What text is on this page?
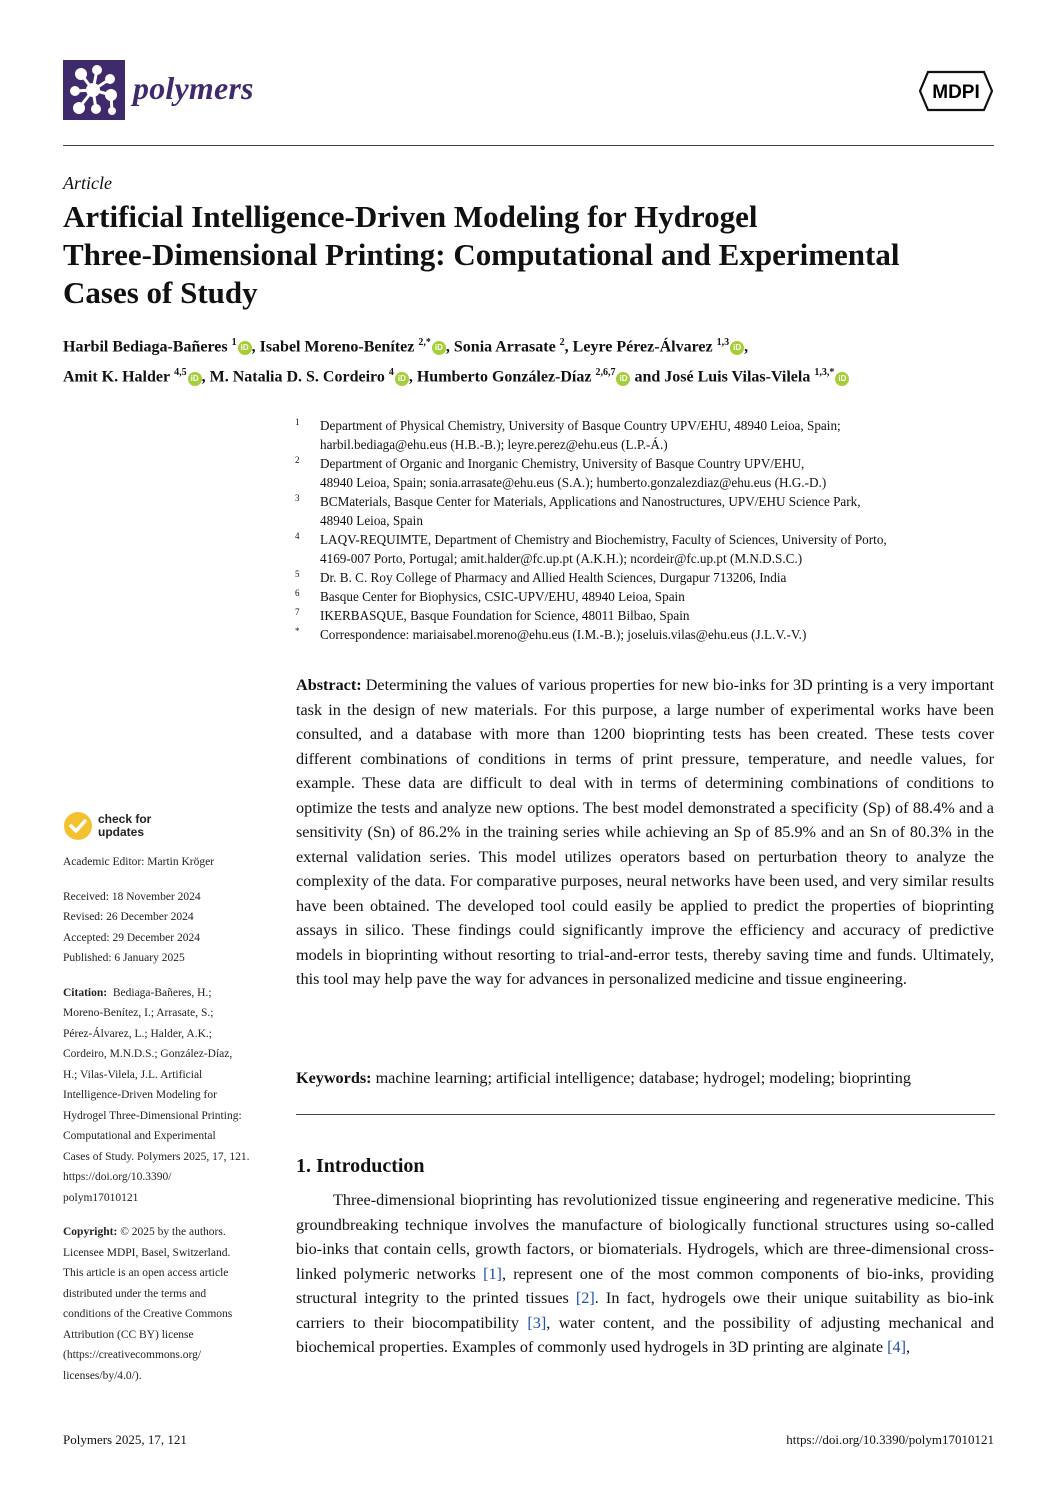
polymers	MDPI
Article
Artificial Intelligence-Driven Modeling for Hydrogel
Three-Dimensional Printing: Computational and Experimental
Cases of Study
Harbil Bediaga-Bañeres $^1$ iD , Isabel Moreno-Benítez $^{2,*}$ iD , Sonia Arrasate $^2$, Leyre Pérez-Álvarez $^{1,3}$ iD ,
Amit K. Halder $^{4,5}$ iD , M. Natalia D. S. Cordeiro $^4$ iD , Humberto González-Díaz $^{2,6,7}$ iD and José Luis Vilas-Vilela $^{1,3,*}$ iD
1 Department of Physical Chemistry, University of Basque Country UPV/EHU, 48940 Leioa, Spain;
harbil.bediaga@ehu.eus (H.B.-B.); leyre.perez@ehu.eus (L.P.-Á.)
2 Department of Organic and Inorganic Chemistry, University of Basque Country UPV/EHU,
48940 Leioa, Spain; sonia.arrasate@ehu.eus (S.A.); humberto.gonzalezdiaz@ehu.eus (H.G.-D.)
3 BCMaterials, Basque Center for Materials, Applications and Nanostructures, UPV/EHU Science Park,
48940 Leioa, Spain
4 LAQV-REQUIMTE, Department of Chemistry and Biochemistry, Faculty of Sciences, University of Porto,
4169-007 Porto, Portugal; amit.halder@fc.up.pt (A.K.H.); ncordeir@fc.up.pt (M.N.D.S.C.)
5 Dr. B. C. Roy College of Pharmacy and Allied Health Sciences, Durgapur 713206, India
6 Basque Center for Biophysics, CSIC-UPV/EHU, 48940 Leioa, Spain
7 IKERBASQUE, Basque Foundation for Science, 48011 Bilbao, Spain
* Correspondence: mariaisabel.moreno@ehu.eus (I.M.-B.); joseluis.vilas@ehu.eus (J.L.V.-V.)

Abstract: Determining the values of various properties for new bio-inks for 3D printing is a very important task in the design of new materials. For this purpose, a large number of experimental works have been consulted, and a database with more than 1200 bioprinting tests has been created. These tests cover different combinations of conditions in terms of print pressure, temperature, and needle values, for example. These data are difficult to deal with in terms of determining combinations of conditions to optimize the tests and analyze new options. The best model demonstrated a specificity (Sp) of 88.4% and a sensitivity (Sn) of 86.2% in the training series while achieving an Sp of 85.9% and an Sn of 80.3% in the external validation series. This model utilizes operators based on perturbation theory to analyze the complexity of the data. For comparative purposes, neural networks have been used, and very similar results have been obtained. The developed tool could easily be applied to predict the properties of bioprinting assays in silico. These findings could significantly improve the efficiency and accuracy of predictive models in bioprinting without resorting to trial-and-error tests, thereby saving time and funds. Ultimately, this tool may help pave the way for advances in personalized medicine and tissue engineering.

Keywords: machine learning; artificial intelligence; database; hydrogel; modeling; bioprinting
1. Introduction

Three-dimensional bioprinting has revolutionized tissue engineering and regenerative medicine. This groundbreaking technique involves the manufacture of biologically functional structures using so-called bio-inks that contain cells, growth factors, or biomaterials. Hydrogels, which are three-dimensional cross-linked polymeric networks [1], represent one of the most common components of bio-inks, providing structural integrity to the printed tissues [2]. In fact, hydrogels owe their unique suitability as bio-ink carriers to their biocompatibility [3], water content, and the possibility of adjusting mechanical and biochemical properties. Examples of commonly used hydrogels in 3D printing are alginate [4],

check for
updates

Academic Editor: Martin Kröger

Received: 18 November 2024

Revised: 26 December 2024

Accepted: 29 December 2024

Published: 6 January 2025

Citation: Bediaga-Bañeres, H.;
Moreno-Benítez, I.; Arrasate, S.;
Pérez-Álvarez, L.; Halder, A.K.;
Cordeiro, M.N.D.S.; González-Díaz,
H.; Vilas-Vilela, J.L. Artificial
Intelligence-Driven Modeling for
Hydrogel Three-Dimensional Printing:
Computational and Experimental
Cases of Study. Polymers 2025, 17, 121.
https://doi.org/10.3390/
polym17010121
Copyright: © 2025 by the authors.
Licensee MDPI, Basel, Switzerland.
This article is an open access article
distributed under the terms and
conditions of the Creative Commons
Attribution (CC BY) license
(https://creativecommons.org/
licenses/by/4.0/).
Polymers 2025, 17, 121	https://doi.org/10.3390/polym17010121
